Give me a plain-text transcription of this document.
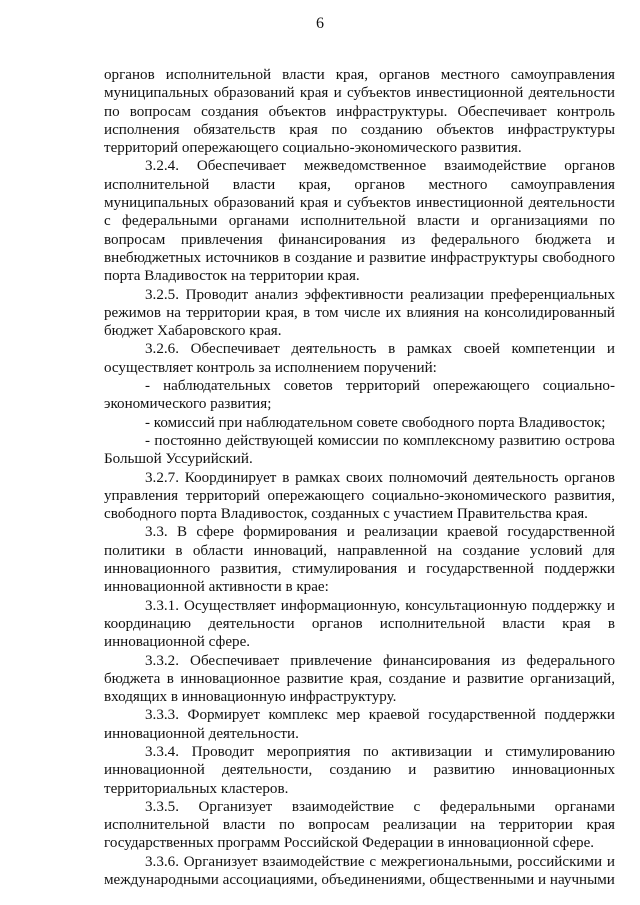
6

органов исполнительной власти края, органов местного самоуправления муниципальных образований края и субъектов инвестиционной деятельности по вопросам создания объектов инфраструктуры. Обеспечивает контроль исполнения обязательств края по созданию объектов инфраструктуры территорий опережающего социально-экономического развития.

3.2.4. Обеспечивает межведомственное взаимодействие органов исполнительной власти края, органов местного самоуправления муниципальных образований края и субъектов инвестиционной деятельности с федеральными органами исполнительной власти и организациями по вопросам привлечения финансирования из федерального бюджета и внебюджетных источников в создание и развитие инфраструктуры свободного порта Владивосток на территории края.

3.2.5. Проводит анализ эффективности реализации преференциальных режимов на территории края, в том числе их влияния на консолидированный бюджет Хабаровского края.

3.2.6. Обеспечивает деятельность в рамках своей компетенции и осуществляет контроль за исполнением поручений:

- наблюдательных советов территорий опережающего социально-экономического развития;

- комиссий при наблюдательном совете свободного порта Владивосток;

- постоянно действующей комиссии по комплексному развитию острова Большой Уссурийский.

3.2.7. Координирует в рамках своих полномочий деятельность органов управления территорий опережающего социально-экономического развития, свободного порта Владивосток, созданных с участием Правительства края.

3.3. В сфере формирования и реализации краевой государственной политики в области инноваций, направленной на создание условий для инновационного развития, стимулирования и государственной поддержки инновационной активности в крае:

3.3.1. Осуществляет информационную, консультационную поддержку и координацию деятельности органов исполнительной власти края в инновационной сфере.

3.3.2. Обеспечивает привлечение финансирования из федерального бюджета в инновационное развитие края, создание и развитие организаций, входящих в инновационную инфраструктуру.

3.3.3. Формирует комплекс мер краевой государственной поддержки инновационной деятельности.

3.3.4. Проводит мероприятия по активизации и стимулированию инновационной деятельности, созданию и развитию инновационных территориальных кластеров.

3.3.5. Организует взаимодействие с федеральными органами исполнительной власти по вопросам реализации на территории края государственных программ Российской Федерации в инновационной сфере.

3.3.6. Организует взаимодействие с межрегиональными, российскими и международными ассоциациями, объединениями, общественными и научными
